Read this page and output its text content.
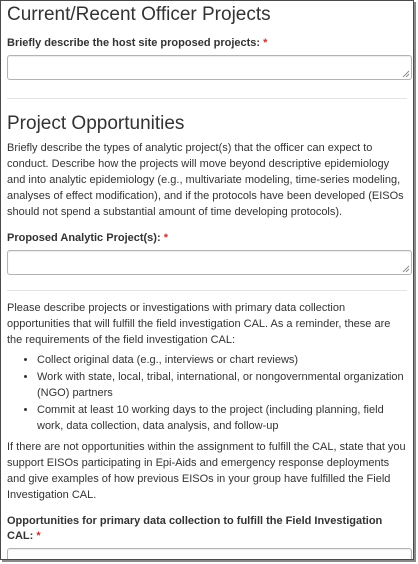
Current/Recent Officer Projects
Briefly describe the host site proposed projects: *
Project Opportunities

Briefly describe the types of analytic project(s) that the officer can expect to conduct. Describe how the projects will move beyond descriptive epidemiology and into analytic epidemiology (e.g., multivariate modeling, time-series modeling, analyses of effect modification), and if the protocols have been developed (EISOs should not spend a substantial amount of time developing protocols).

Proposed Analytic Project(s): *

Please describe projects or investigations with primary data collection opportunities that will fulfill the field investigation CAL. As a reminder, these are the requirements of the field investigation CAL:

• Collect original data (e.g., interviews or chart reviews)
• Work with state, local, tribal, international, or nongovernmental organization (NGO) partners
• Commit at least 10 working days to the project (including planning, field work, data collection, data analysis, and follow-up

If there are not opportunities within the assignment to fulfill the CAL, state that you support EISOs participating in Epi-Aids and emergency response deployments and give examples of how previous EISOs in your group have fulfilled the Field Investigation CAL.

Opportunities for primary data collection to fulfill the Field Investigation CAL: *
